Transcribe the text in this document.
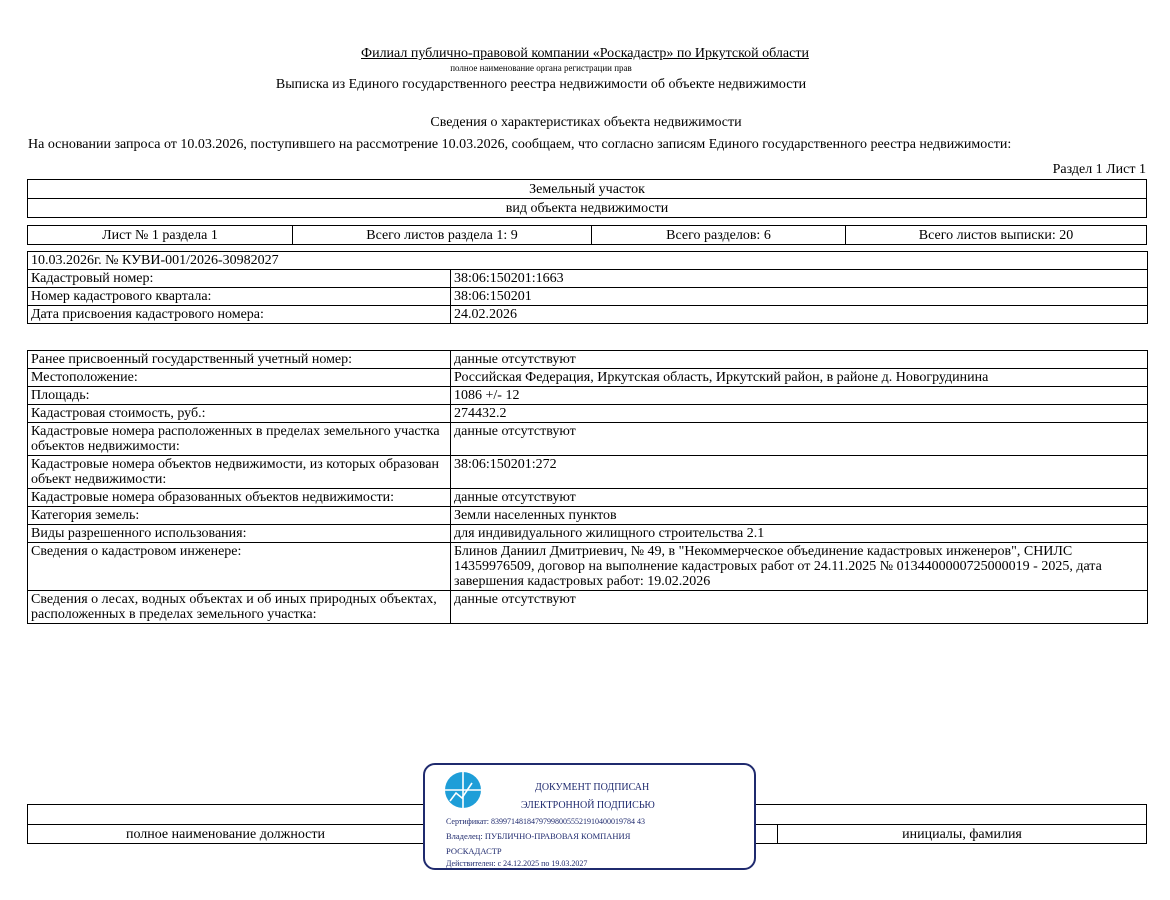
Филиал публично-правовой компании «Роскадастр» по Иркутской области
полное наименование органа регистрации прав
Выписка из Единого государственного реестра недвижимости об объекте недвижимости
Сведения о характеристиках объекта недвижимости
На основании запроса от 10.03.2026, поступившего на рассмотрение 10.03.2026, сообщаем, что согласно записям Единого государственного реестра недвижимости:
Раздел 1 Лист 1
Земельный участок
вид объекта недвижимости
Лист № 1 раздела 1	Всего листов раздела 1: 9	Всего разделов: 6	Всего листов выписки: 20
10.03.2026г. № КУВИ-001/2026-30982027	
Кадастровый номер:	38:06:150201:1663
Номер кадастрового квартала:	38:06:150201
Дата присвоения кадастрового номера:	24.02.2026
Ранее присвоенный государственный учетный номер:	данные отсутствуют
Местоположение:	Российская Федерация, Иркутская область, Иркутский район, в районе д. Новогрудинина
Площадь:	1086 +/- 12
Кадастровая стоимость, руб.:	274432.2
Кадастровые номера расположенных в пределах земельного участка объектов недвижимости:	данные отсутствуют
Кадастровые номера объектов недвижимости, из которых образован объект недвижимости:	38:06:150201:272
Кадастровые номера образованных объектов недвижимости:	данные отсутствуют
Категория земель:	Земли населенных пунктов
Виды разрешенного использования:	для индивидуального жилищного строительства 2.1
Сведения о кадастровом инженере:	Блинов Даниил Дмитриевич, № 49, в "Некоммерческое объединение кадастровых инженеров", СНИЛС 14359976509, договор на выполнение кадастровых работ от 24.11.2025 № 0134400000725000019 - 2025, дата завершения кадастровых работ: 19.02.2026
Сведения о лесах, водных объектах и об иных природных объектах, расположенных в пределах земельного участка:	данные отсутствуют
полное наименование должности	инициалы, фамилия
ДОКУМЕНТ ПОДПИСАН
ЭЛЕКТРОННОЙ ПОДПИСЬЮ
Сертификат: 839971481847979980055521910400019784 43
Владелец: ПУБЛИЧНО-ПРАВОВАЯ КОМПАНИЯ
РОСКАДАСТР
Действителен: с 24.12.2025 по 19.03.2027
